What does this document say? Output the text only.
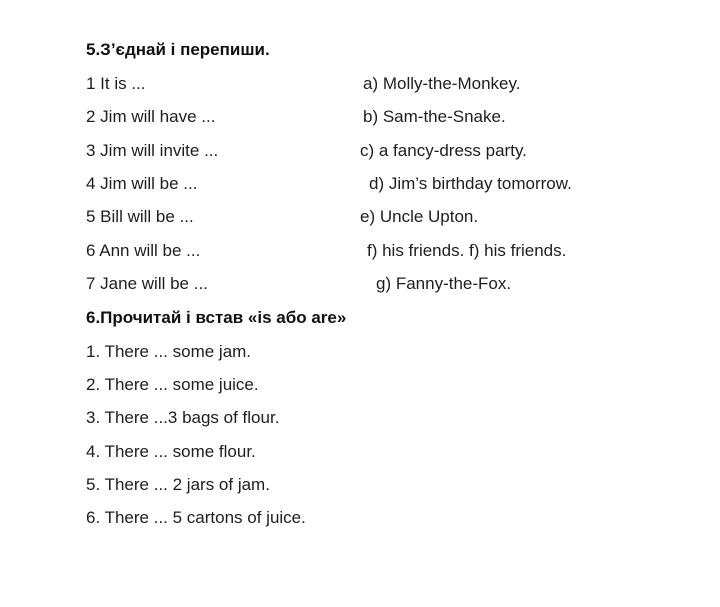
5.З’єднай і перепиши.
1 It is ...	a) Molly-the-Monkey.
2 Jim will have ...	b) Sam-the-Snake.
3 Jim will invite ...	c) a fancy-dress party.
4 Jim will be ...	d) Jim’s birthday tomorrow.
5 Bill will be ...	e) Uncle Upton.
6 Ann will be ...	f) his friends. f) his friends.
7 Jane will be ...	g) Fanny-the-Fox.
6.Прочитай і встав «is або are»
1. There ... some jam.
2. There ... some juice.
3. There ...3 bags of flour.
4. There ... some flour.
5. There ... 2 jars of jam.
6. There ... 5 cartons of juice.
